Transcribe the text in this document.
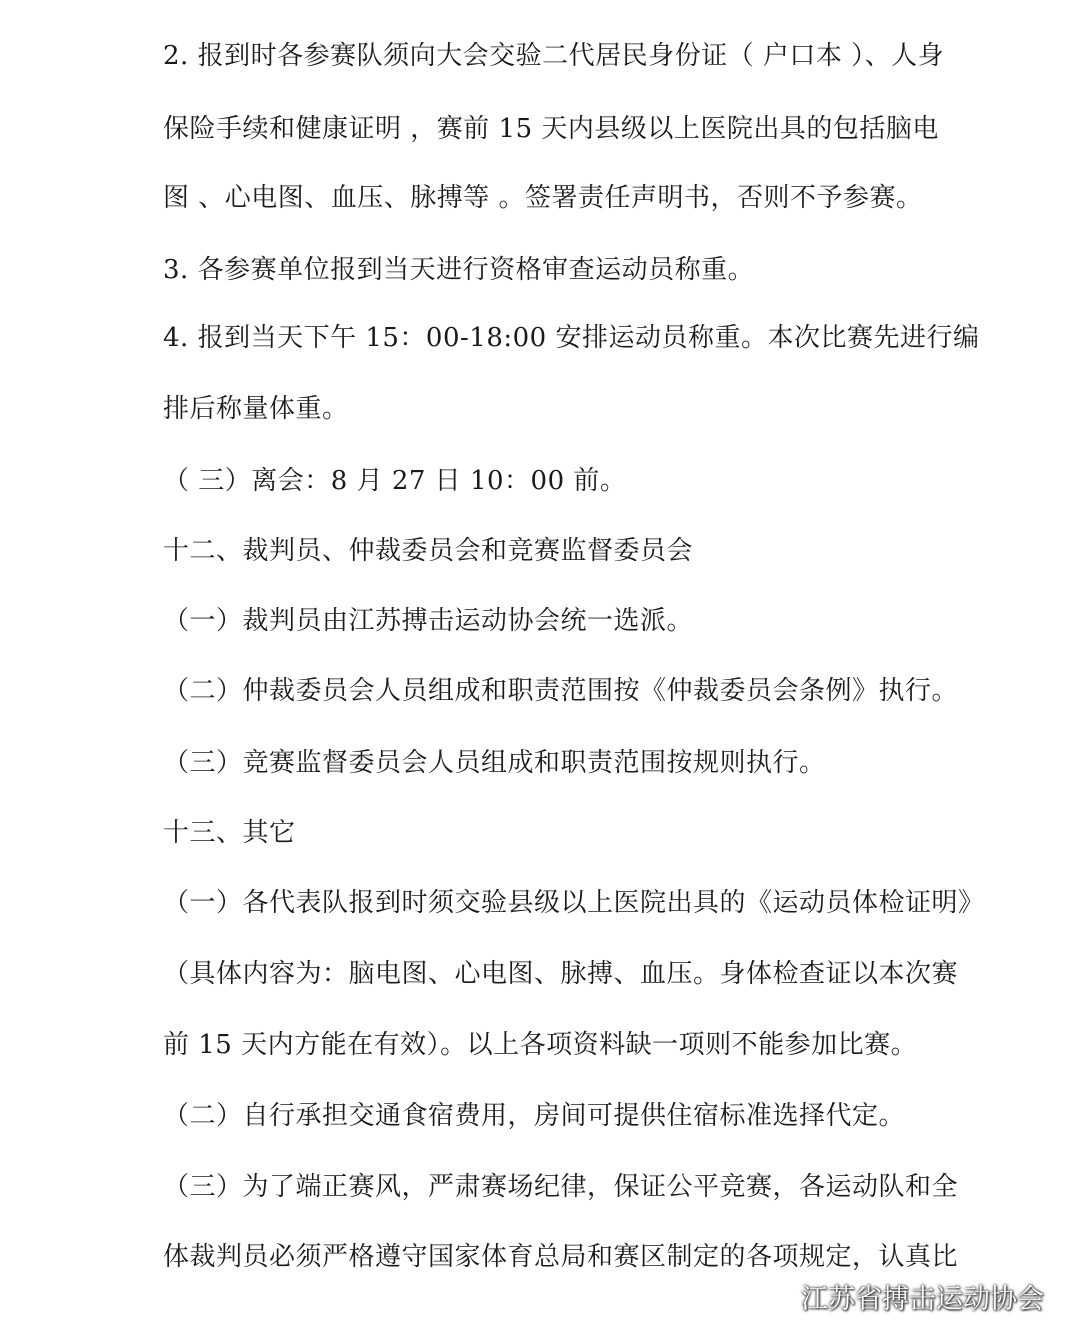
2. 报到时各参赛队须向大会交验二代居民身份证（ 户口本 ）、人身
保险手续和健康证明 ，赛前 15 天内县级以上医院出具的包括脑电
图 、心电图、血压、脉搏等 。签署责任声明书，否则不予参赛。
3. 各参赛单位报到当天进行资格审查运动员称重。
4. 报到当天下午 15：00-18:00 安排运动员称重。本次比赛先进行编
排后称量体重。
（ 三）离会：8 月 27 日 10：00 前。
十二、裁判员、仲裁委员会和竞赛监督委员会
（一）裁判员由江苏搏击运动协会统一选派。
（二）仲裁委员会人员组成和职责范围按《仲裁委员会条例》执行。
（三）竞赛监督委员会人员组成和职责范围按规则执行。
十三、其它
（一）各代表队报到时须交验县级以上医院出具的《运动员体检证明》
（具体内容为：脑电图、心电图、脉搏、血压。身体检查证以本次赛
前 15 天内方能在有效）。以上各项资料缺一项则不能参加比赛。
（二）自行承担交通食宿费用，房间可提供住宿标准选择代定。
（三）为了端正赛风，严肃赛场纪律，保证公平竞赛，各运动队和全
体裁判员必须严格遵守国家体育总局和赛区制定的各项规定，认真比
江苏省搏击运动协会
